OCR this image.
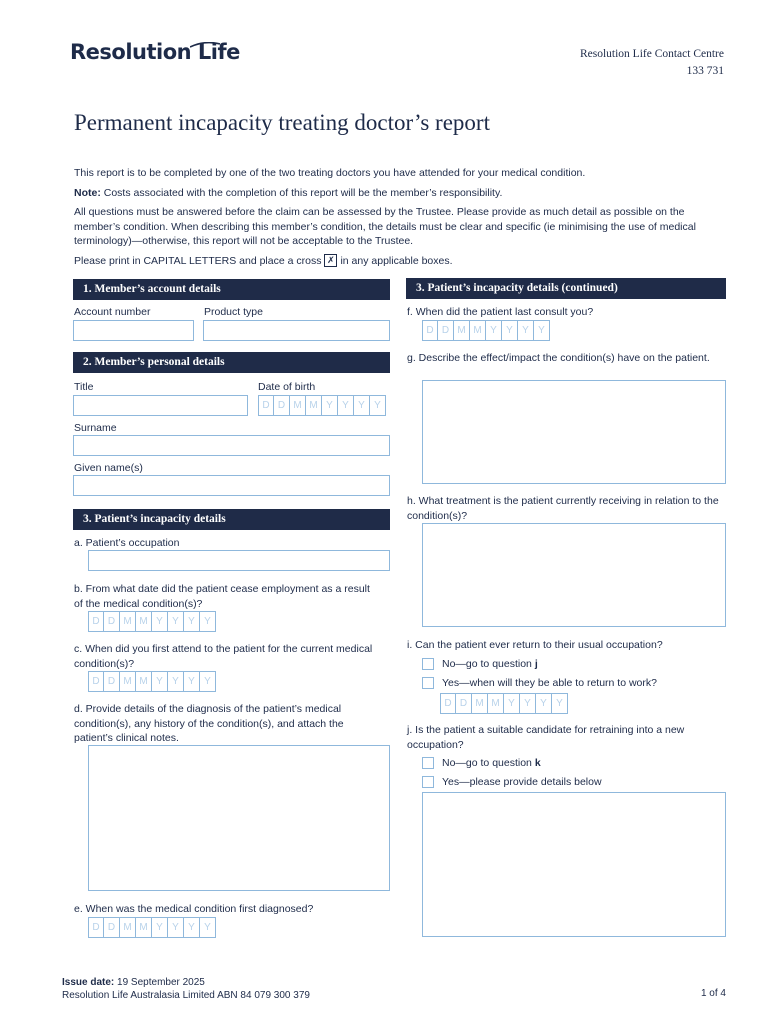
Resolution Life	Resolution Life Contact Centre
133 731
Permanent incapacity treating doctor’s report

This report is to be completed by one of the two treating doctors you have attended for your medical condition.

Note: Costs associated with the completion of this report will be the member’s responsibility.

All questions must be answered before the claim can be assessed by the Trustee. Please provide as much detail as possible on the member’s condition. When describing this member’s condition, the details must be clear and specific (ie minimising the use of medical terminology)—otherwise, this report will not be acceptable to the Trustee.

Please print in CAPITAL LETTERS and place a cross ✗ in any applicable boxes.

1. Member’s account details
Account number	Product type
2. Member’s personal details
Title	Date of birth
D D M M Y Y Y Y
Surname
Given name(s)
3. Patient’s incapacity details
a. Patient’s occupation
b. From what date did the patient cease employment as a result of the medical condition(s)?
D D M M Y Y Y Y
c. When did you first attend to the patient for the current medical condition(s)?
D D M M Y Y Y Y
d. Provide details of the diagnosis of the patient’s medical condition(s), any history of the condition(s), and attach the patient’s clinical notes.
e. When was the medical condition first diagnosed?
D D M M Y Y Y Y
3. Patient’s incapacity details (continued)
f. When did the patient last consult you?
D D M M Y Y Y Y
g. Describe the effect/impact the condition(s) have on the patient.
h. What treatment is the patient currently receiving in relation to the condition(s)?
i. Can the patient ever return to their usual occupation?
No—go to question j
Yes—when will they be able to return to work?
D D M M Y Y Y Y
j. Is the patient a suitable candidate for retraining into a new occupation?
No—go to question k
Yes—please provide details below
Issue date: 19 September 2025
Resolution Life Australasia Limited ABN 84 079 300 379	1 of 4
